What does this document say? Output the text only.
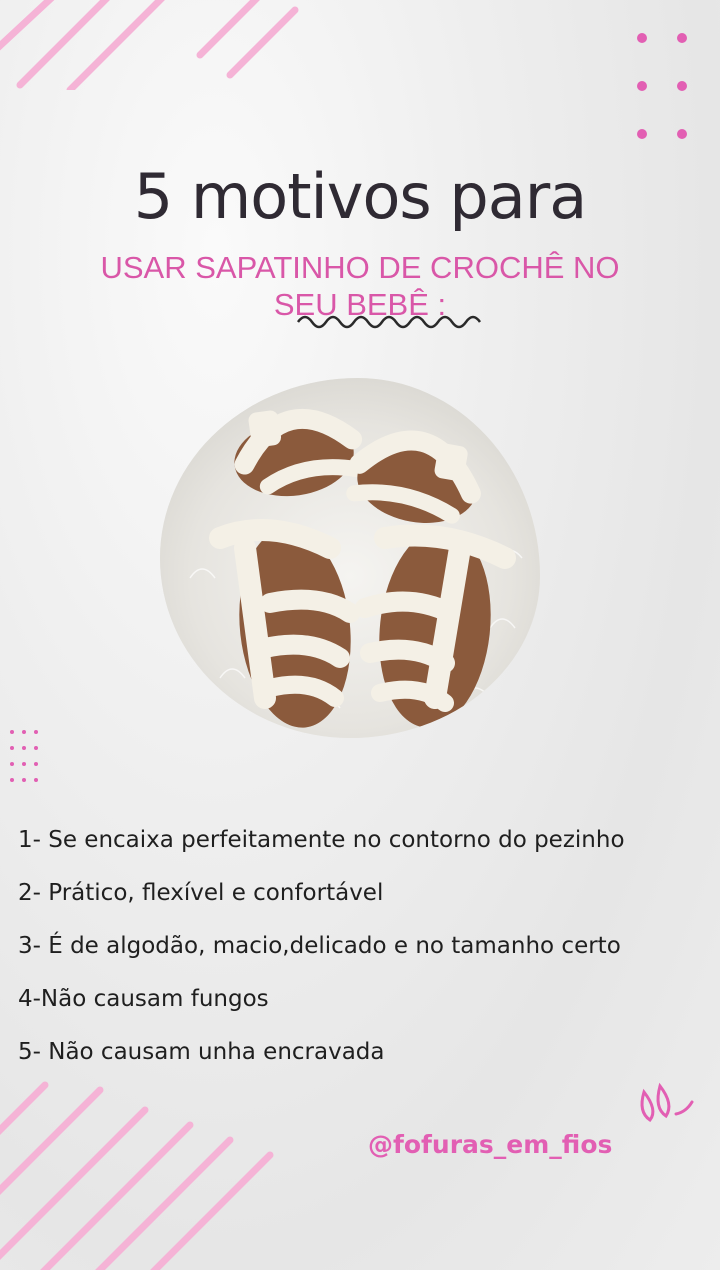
5 motivos para

USAR SAPATINHO DE CROCHÊ NO

SEU BEBÊ :

1- Se encaixa perfeitamente no contorno do pezinho
2- Prático, flexível e confortável
3- É de algodão, macio,delicado e no tamanho certo
4-Não causam fungos
5- Não causam unha encravada
@fofuras_em_fios
